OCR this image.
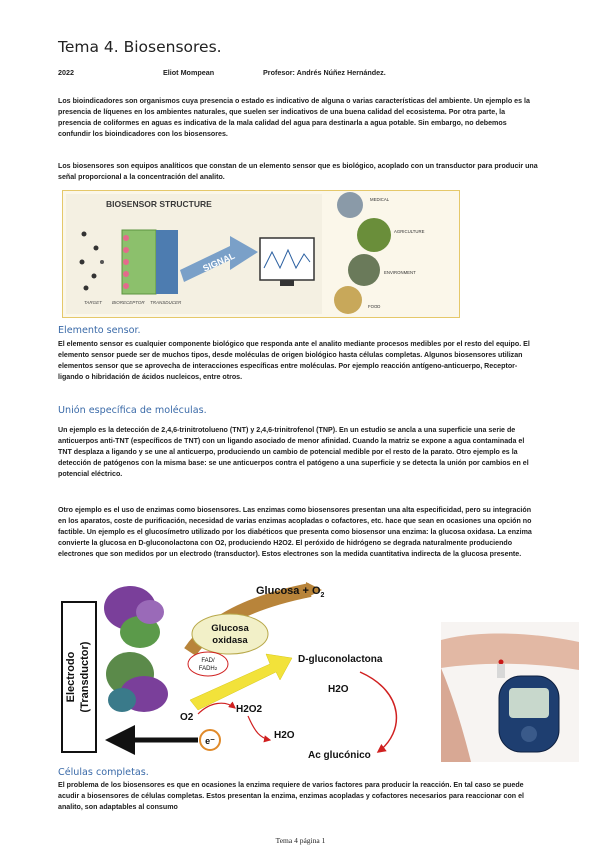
Tema 4. Biosensores.
2022	Eliot Mompean	Profesor: Andrés Núñez Hernández.

Los bioindicadores son organismos cuya presencia o estado es indicativo de alguna o varias características del ambiente. Un ejemplo es la presencia de líquenes en los ambientes naturales, que suelen ser indicativos de una buena calidad del ecosistema. Por otra parte, la presencia de coliformes en aguas es indicativa de la mala calidad del agua para destinarla a agua potable. Sin embargo, no debemos confundir los bioindicadores con los biosensores.

Los biosensores son equipos analíticos que constan de un elemento sensor que es biológico, acoplado con un transductor para producir una señal proporcional a la concentración del analito.

BIOSENSOR STRUCTURE
SIGNAL
TARGET BIORECEPTOR TRANSDUCER
MEDICAL
AGRICULTURE
ENVIRONMENT
FOOD
Elemento sensor.

El elemento sensor es cualquier componente biológico que responda ante el analito mediante procesos medibles por el resto del equipo. El elemento sensor puede ser de muchos tipos, desde moléculas de origen biológico hasta células completas. Algunos biosensores utilizan elementos sensor que se aprovecha de interacciones específicas entre moléculas. Por ejemplo reacción antígeno-anticuerpo, Receptor-ligando o hibridación de ácidos nucleicos, entre otros.

Unión específica de moléculas.

Un ejemplo es la detección de 2,4,6-trinitrotolueno (TNT) y 2,4,6-trinitrofenol (TNP). En un estudio se ancla a una superficie una serie de anticuerpos anti-TNT (específicos de TNT) con un ligando asociado de menor afinidad. Cuando la matriz se expone a agua contaminada el TNT desplaza a ligando y se une al anticuerpo, produciendo un cambio de potencial medible por el resto de la parato. Otro ejemplo es la detección de patógenos con la misma base: se une anticuerpos contra el patógeno a una superficie y se detecta la unión por cambios en el potencial eléctrico.

Otro ejemplo es el uso de enzimas como biosensores. Las enzimas como biosensores presentan una alta especificidad, pero su integración en los aparatos, coste de purificación, necesidad de varias enzimas acopladas o cofactores, etc. hace que sean en ocasiones una opción no factible. Un ejemplo es el glucosímetro utilizado por los diabéticos que presenta como biosensor una enzima: la glucosa oxidasa. La enzima convierte la glucosa en D-gluconolactona con O2, produciendo H2O2. El peróxido de hidrógeno se degrada naturalmente produciendo electrones que son medidos por un electrodo (transductor). Estos electrones son la medida cuantitativa indirecta de la glucosa presente.

Electrodo (Transductor)
$Glucosa + O_2$
Glucosa
oxidasa
FAD/
FADH2
D-gluconolactona
H2O
H2O2
O2
H2O
e⁻
Ac glucónico
Células completas.

El problema de los biosensores es que en ocasiones la enzima requiere de varios factores para producir la reacción. En tal caso se puede acudir a biosensores de células completas. Estos presentan la enzima, enzimas acopladas y cofactores necesarios para reaccionar con el analito, son adaptables al consumo

Tema 4 página 1
